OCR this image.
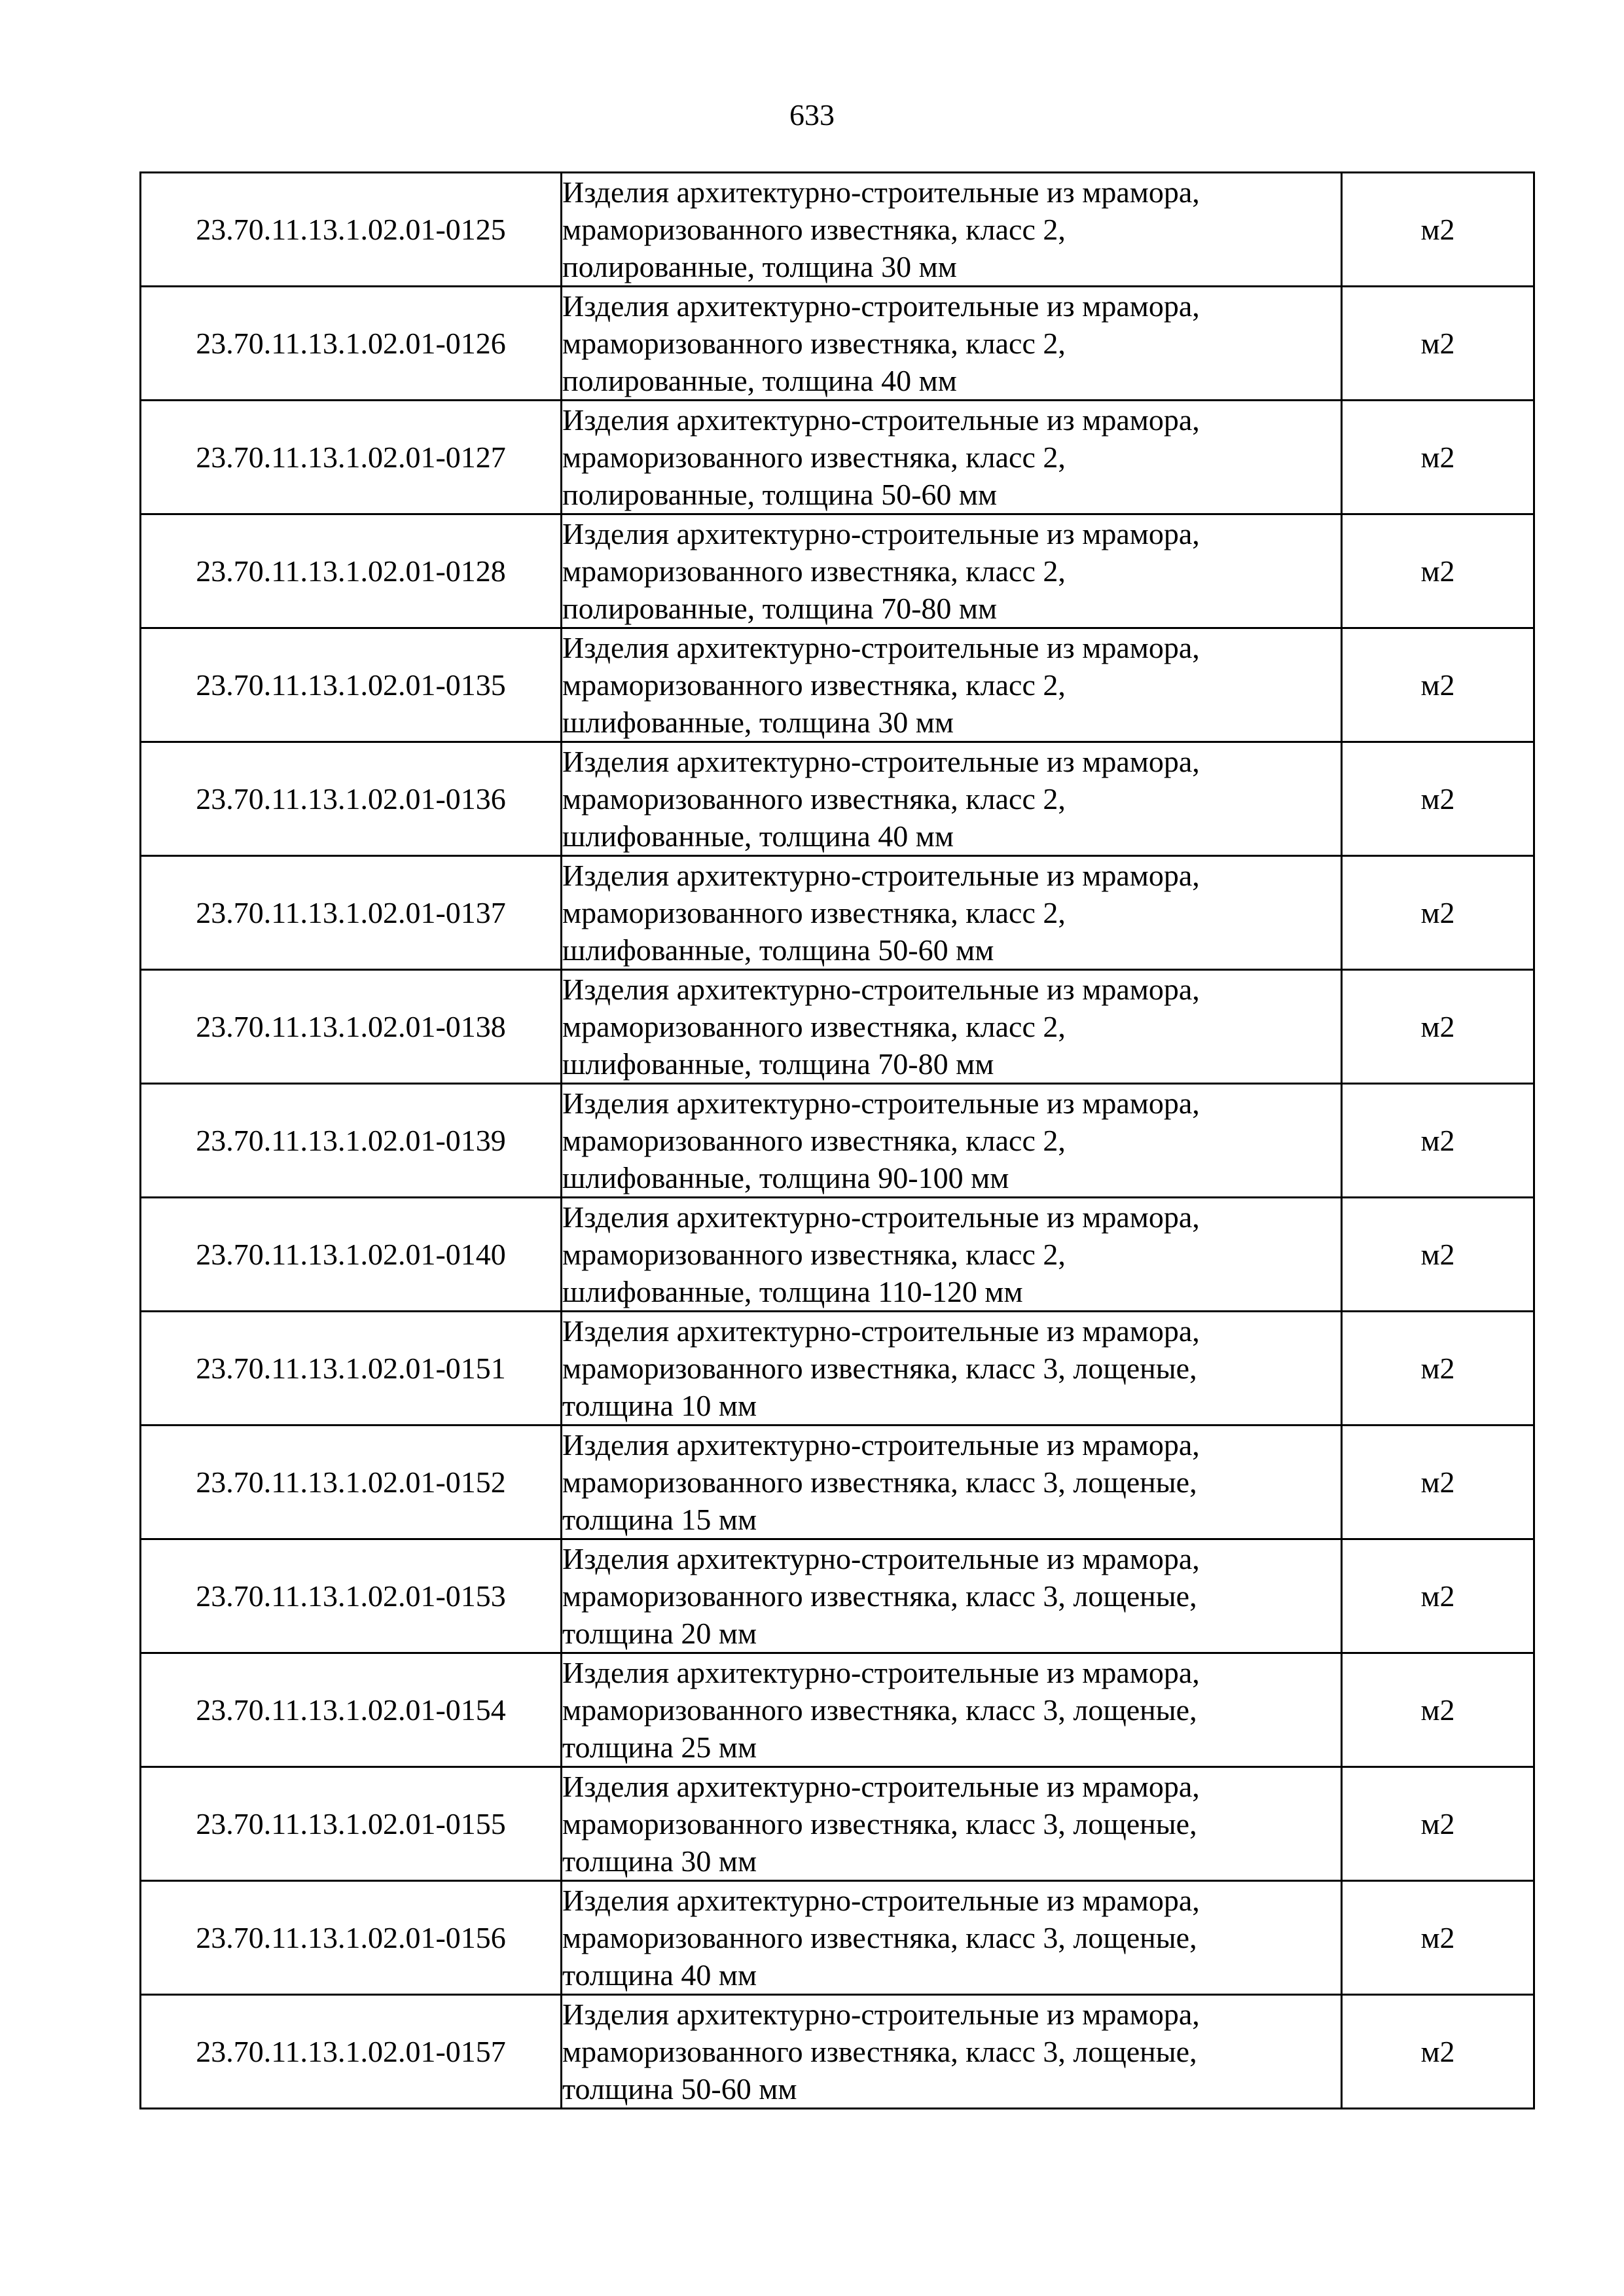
633
23.70.11.13.1.02.01-0125	Изделия архитектурно-строительные из мрамора,
мраморизованного известняка, класс 2,
полированные, толщина 30 мм	м2
23.70.11.13.1.02.01-0126	Изделия архитектурно-строительные из мрамора,
мраморизованного известняка, класс 2,
полированные, толщина 40 мм	м2
23.70.11.13.1.02.01-0127	Изделия архитектурно-строительные из мрамора,
мраморизованного известняка, класс 2,
полированные, толщина 50-60 мм	м2
23.70.11.13.1.02.01-0128	Изделия архитектурно-строительные из мрамора,
мраморизованного известняка, класс 2,
полированные, толщина 70-80 мм	м2
23.70.11.13.1.02.01-0135	Изделия архитектурно-строительные из мрамора,
мраморизованного известняка, класс 2,
шлифованные, толщина 30 мм	м2
23.70.11.13.1.02.01-0136	Изделия архитектурно-строительные из мрамора,
мраморизованного известняка, класс 2,
шлифованные, толщина 40 мм	м2
23.70.11.13.1.02.01-0137	Изделия архитектурно-строительные из мрамора,
мраморизованного известняка, класс 2,
шлифованные, толщина 50-60 мм	м2
23.70.11.13.1.02.01-0138	Изделия архитектурно-строительные из мрамора,
мраморизованного известняка, класс 2,
шлифованные, толщина 70-80 мм	м2
23.70.11.13.1.02.01-0139	Изделия архитектурно-строительные из мрамора,
мраморизованного известняка, класс 2,
шлифованные, толщина 90-100 мм	м2
23.70.11.13.1.02.01-0140	Изделия архитектурно-строительные из мрамора,
мраморизованного известняка, класс 2,
шлифованные, толщина 110-120 мм	м2
23.70.11.13.1.02.01-0151	Изделия архитектурно-строительные из мрамора,
мраморизованного известняка, класс 3, лощеные,
толщина 10 мм	м2
23.70.11.13.1.02.01-0152	Изделия архитектурно-строительные из мрамора,
мраморизованного известняка, класс 3, лощеные,
толщина 15 мм	м2
23.70.11.13.1.02.01-0153	Изделия архитектурно-строительные из мрамора,
мраморизованного известняка, класс 3, лощеные,
толщина 20 мм	м2
23.70.11.13.1.02.01-0154	Изделия архитектурно-строительные из мрамора,
мраморизованного известняка, класс 3, лощеные,
толщина 25 мм	м2
23.70.11.13.1.02.01-0155	Изделия архитектурно-строительные из мрамора,
мраморизованного известняка, класс 3, лощеные,
толщина 30 мм	м2
23.70.11.13.1.02.01-0156	Изделия архитектурно-строительные из мрамора,
мраморизованного известняка, класс 3, лощеные,
толщина 40 мм	м2
23.70.11.13.1.02.01-0157	Изделия архитектурно-строительные из мрамора,
мраморизованного известняка, класс 3, лощеные,
толщина 50-60 мм	м2
